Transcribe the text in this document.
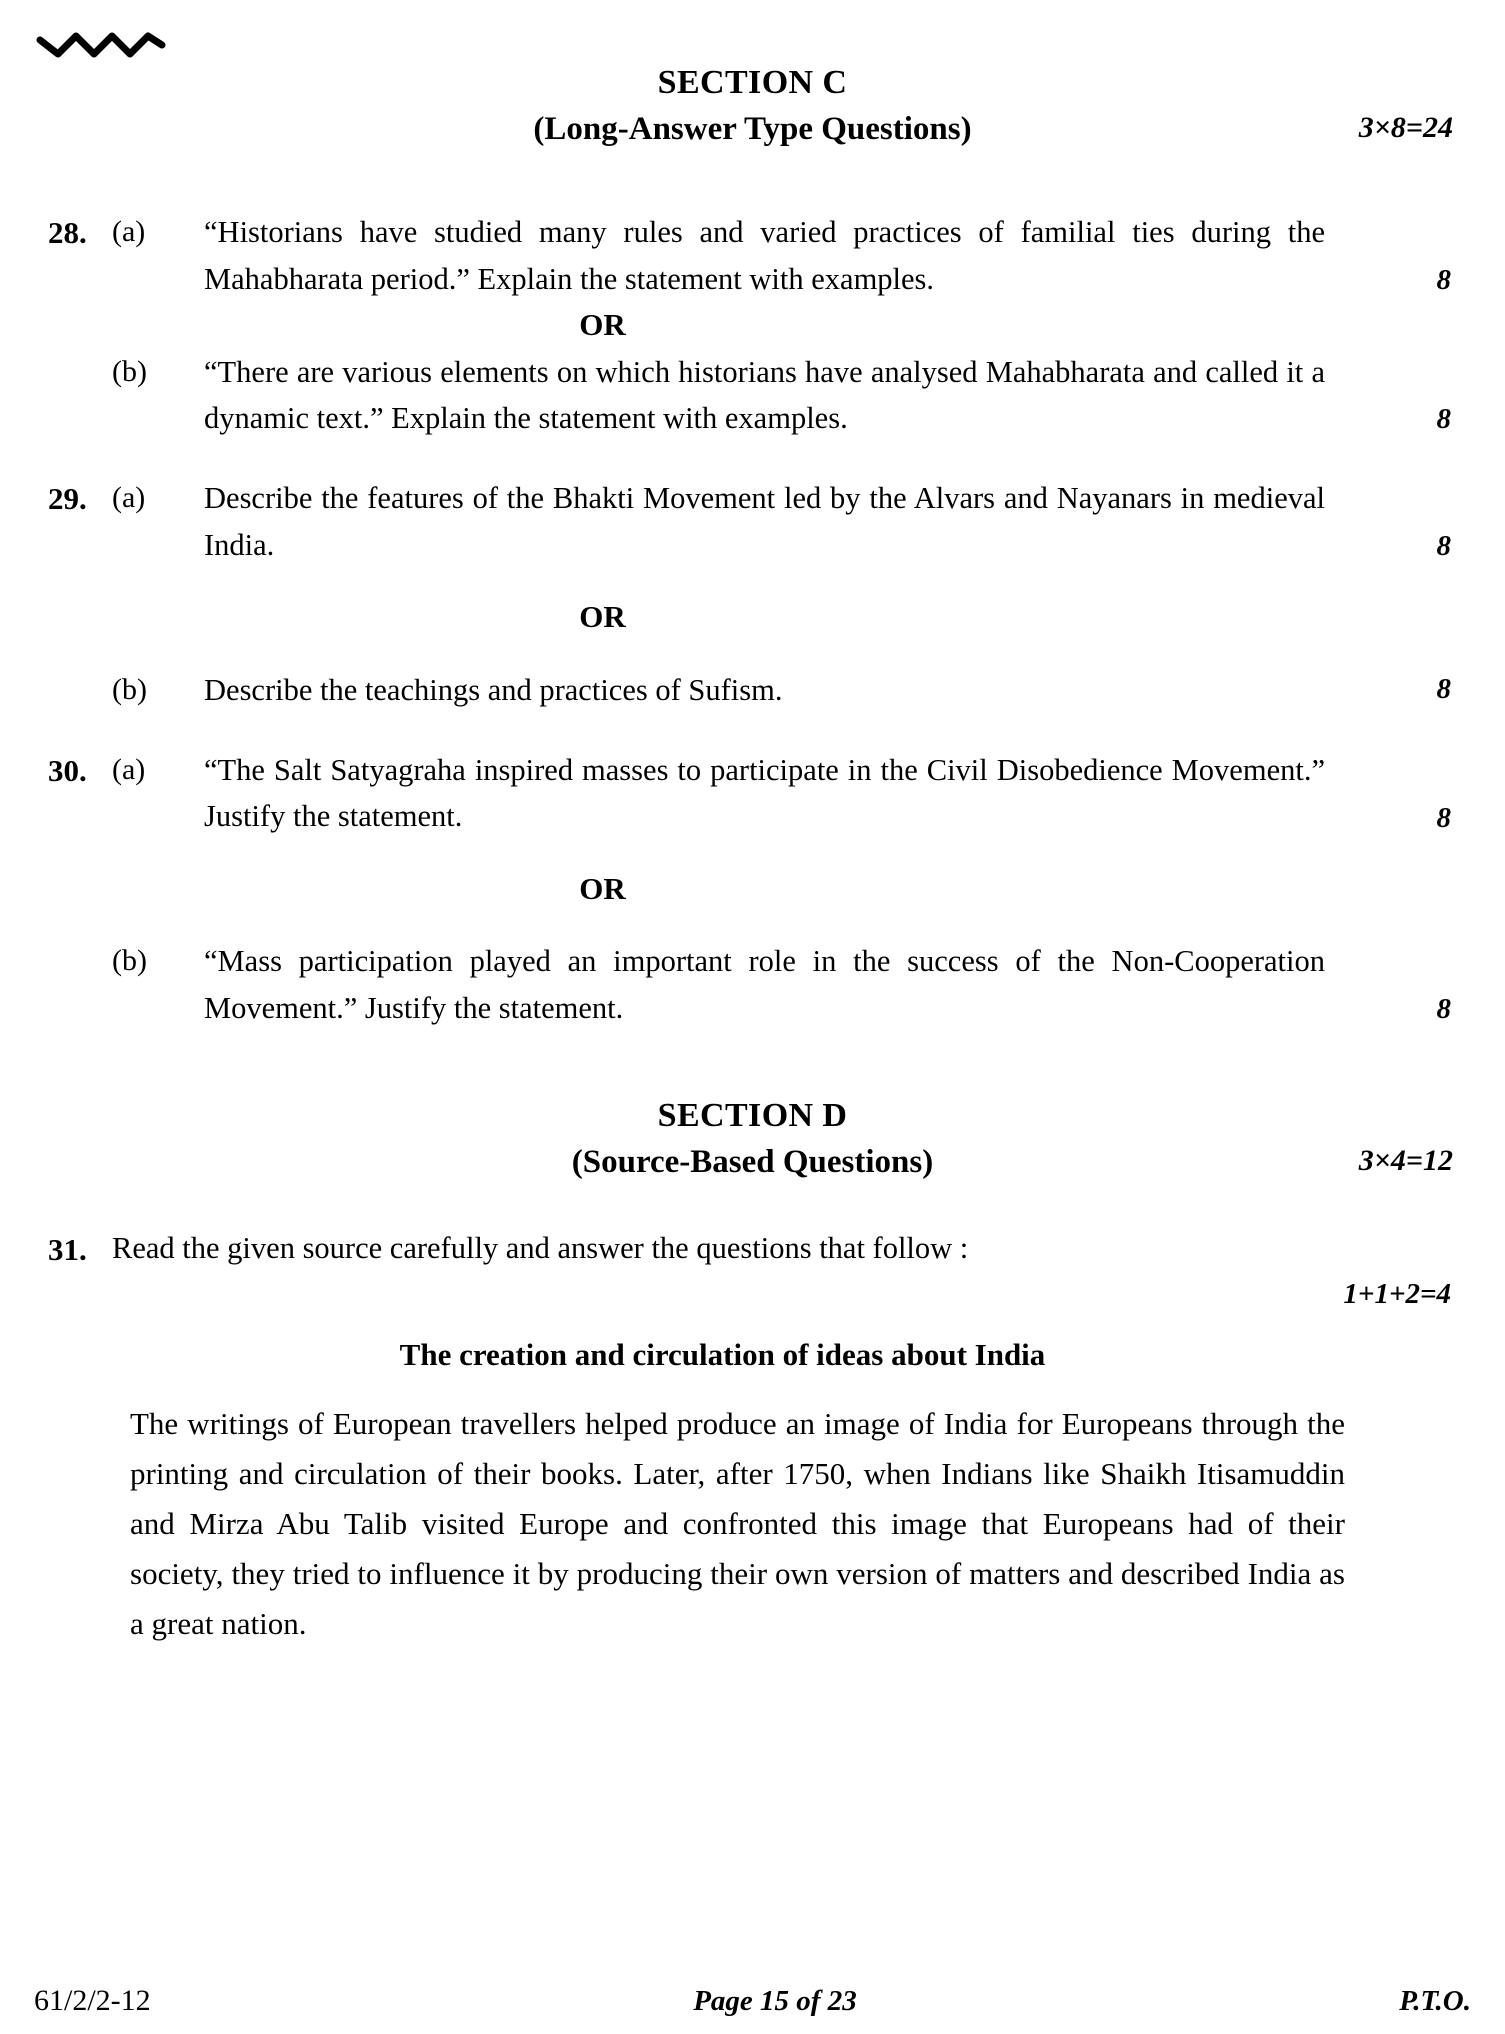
SECTION C
(Long-Answer Type Questions)	3×8=24
28. (a)	“Historians have studied many rules and varied practices of familial ties during the Mahabharata period.” Explain the statement with examples.	8
OR
(b)	“There are various elements on which historians have analysed Mahabharata and called it a dynamic text.” Explain the statement with examples.	8
29. (a)	Describe the features of the Bhakti Movement led by the Alvars and Nayanars in medieval India.	8
OR
(b)	Describe the teachings and practices of Sufism.	8
30. (a)	“The Salt Satyagraha inspired masses to participate in the Civil Disobedience Movement.” Justify the statement.	8
OR
(b)	“Mass participation played an important role in the success of the Non-Cooperation Movement.” Justify the statement.	8
SECTION D
(Source-Based Questions)	3×4=12
31. Read the given source carefully and answer the questions that follow :
1+1+2=4
The creation and circulation of ideas about India

The writings of European travellers helped produce an image of India for Europeans through the printing and circulation of their books. Later, after 1750, when Indians like Shaikh Itisamuddin and Mirza Abu Talib visited Europe and confronted this image that Europeans had of their society, they tried to influence it by producing their own version of matters and described India as a great nation.

61/2/2-12	Page 15 of 23	P.T.O.
